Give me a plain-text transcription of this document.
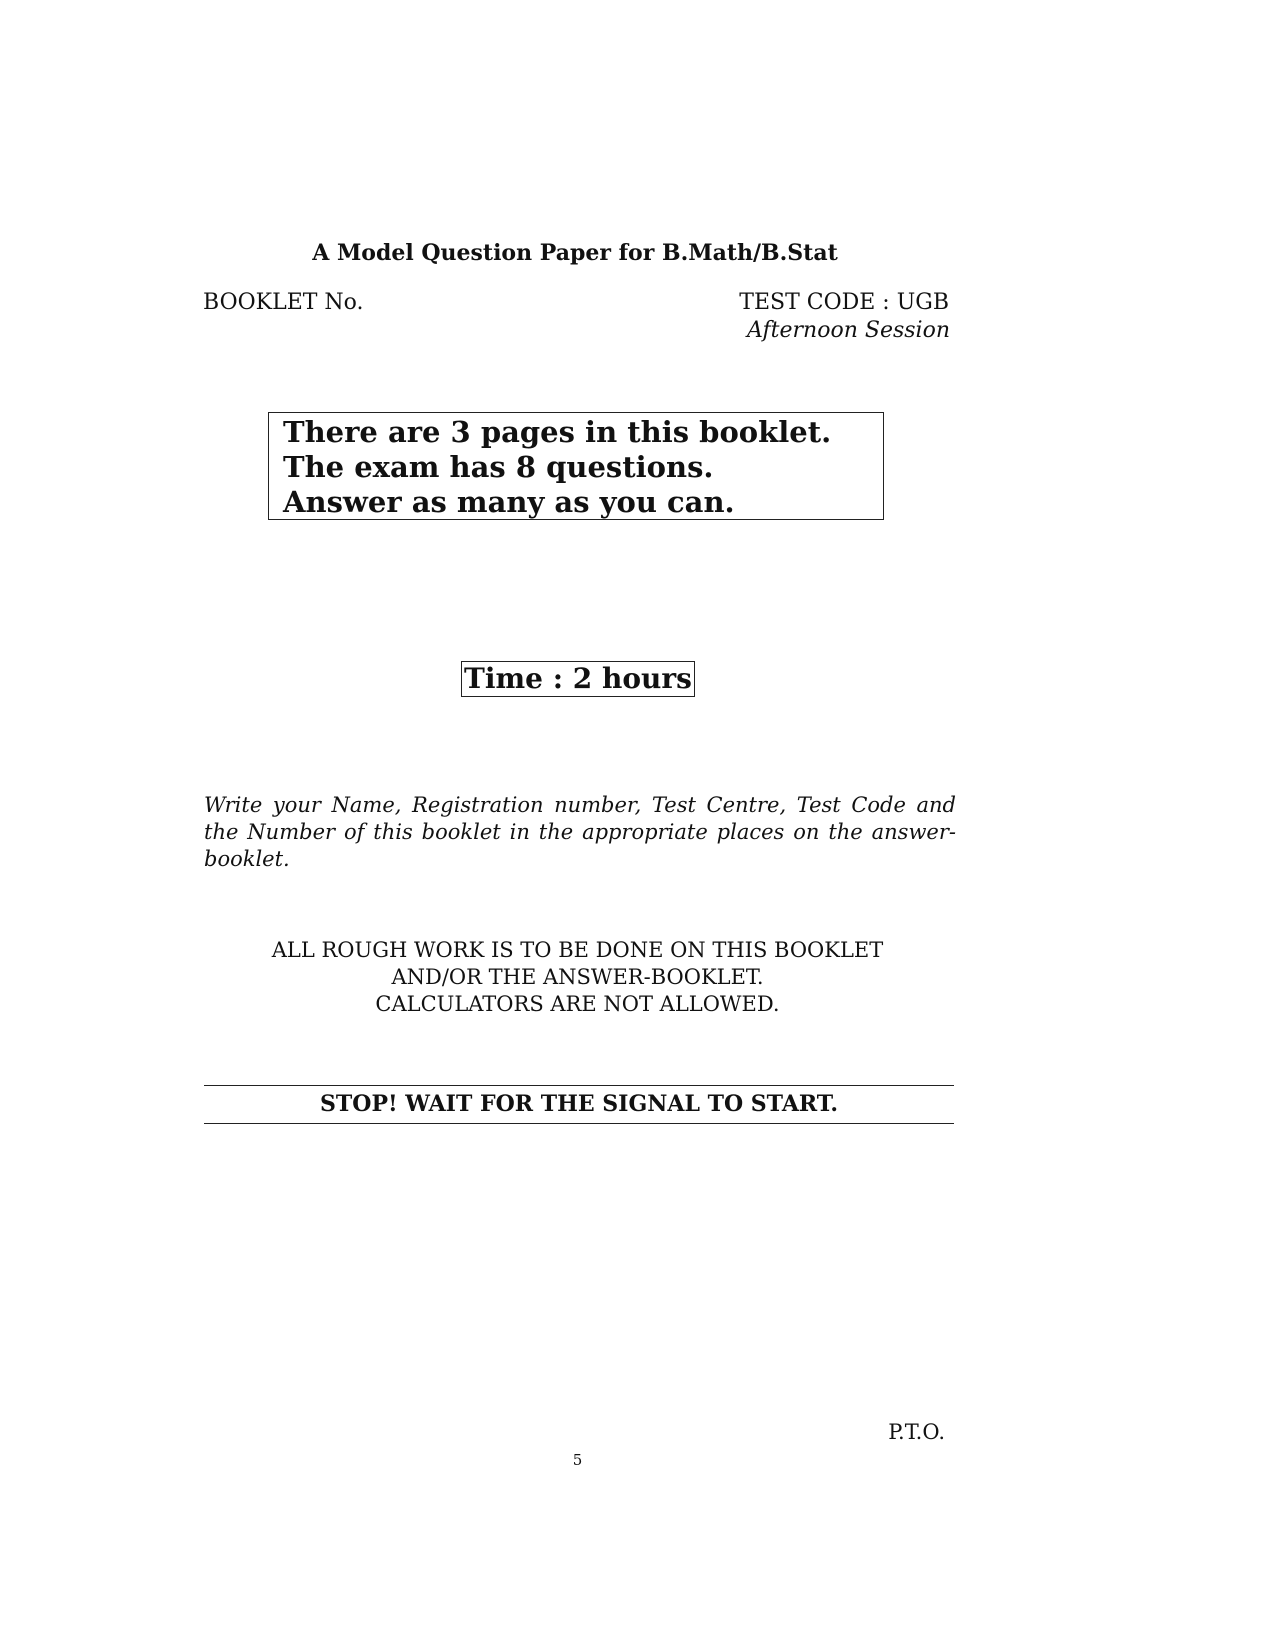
A Model Question Paper for B.Math/B.Stat
BOOKLET No.	TEST CODE : UGB
Afternoon Session
There are 3 pages in this booklet.
The exam has 8 questions.
Answer as many as you can.
Time : 2 hours
Write your Name, Registration number, Test Centre, Test Code and the Number of this booklet in the appropriate places on the answer-booklet.
ALL ROUGH WORK IS TO BE DONE ON THIS BOOKLET
AND/OR THE ANSWER-BOOKLET.
CALCULATORS ARE NOT ALLOWED.
STOP! WAIT FOR THE SIGNAL TO START.
P.T.O.
5
